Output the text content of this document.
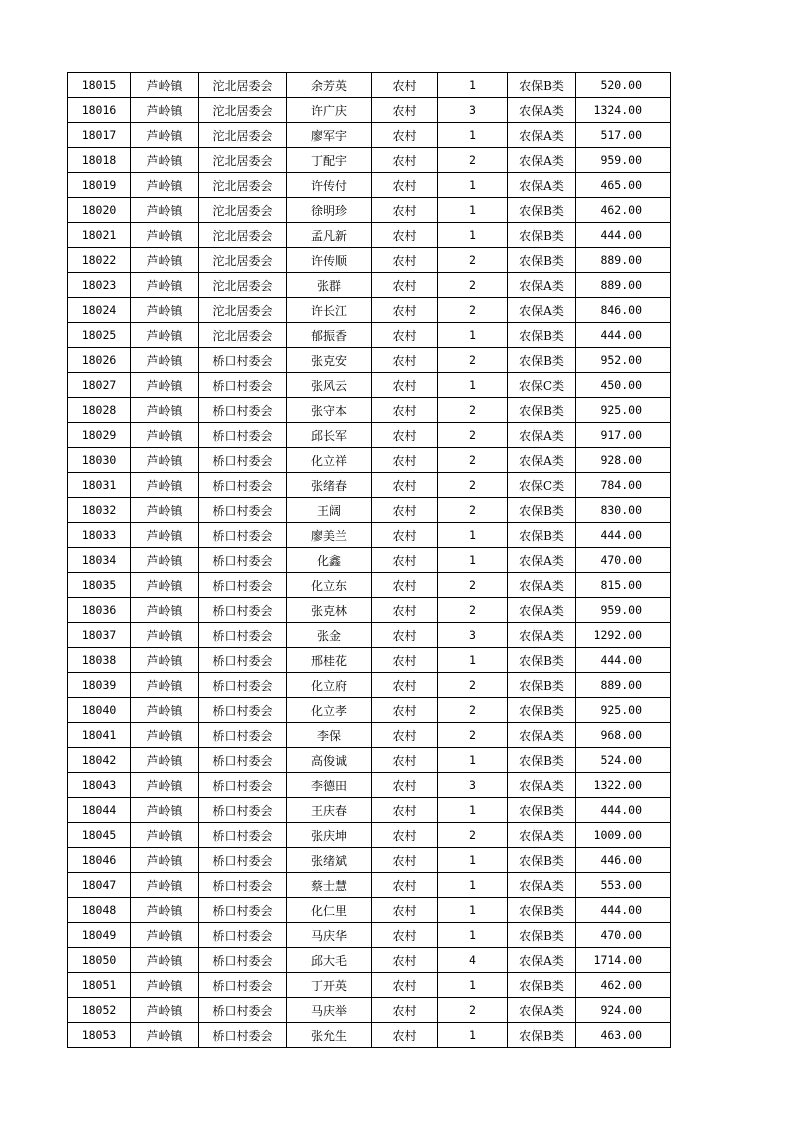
18015	芦岭镇	沱北居委会	余芳英	农村	1	农保B类	520.00
18016	芦岭镇	沱北居委会	许广庆	农村	3	农保A类	1324.00
18017	芦岭镇	沱北居委会	廖军宇	农村	1	农保A类	517.00
18018	芦岭镇	沱北居委会	丁配宇	农村	2	农保A类	959.00
18019	芦岭镇	沱北居委会	许传付	农村	1	农保A类	465.00
18020	芦岭镇	沱北居委会	徐明珍	农村	1	农保B类	462.00
18021	芦岭镇	沱北居委会	孟凡新	农村	1	农保B类	444.00
18022	芦岭镇	沱北居委会	许传顺	农村	2	农保B类	889.00
18023	芦岭镇	沱北居委会	张群	农村	2	农保A类	889.00
18024	芦岭镇	沱北居委会	许长江	农村	2	农保A类	846.00
18025	芦岭镇	沱北居委会	郁振香	农村	1	农保B类	444.00
18026	芦岭镇	桥口村委会	张克安	农村	2	农保B类	952.00
18027	芦岭镇	桥口村委会	张风云	农村	1	农保C类	450.00
18028	芦岭镇	桥口村委会	张守本	农村	2	农保B类	925.00
18029	芦岭镇	桥口村委会	邱长军	农村	2	农保A类	917.00
18030	芦岭镇	桥口村委会	化立祥	农村	2	农保A类	928.00
18031	芦岭镇	桥口村委会	张绪春	农村	2	农保C类	784.00
18032	芦岭镇	桥口村委会	王阔	农村	2	农保B类	830.00
18033	芦岭镇	桥口村委会	廖美兰	农村	1	农保B类	444.00
18034	芦岭镇	桥口村委会	化鑫	农村	1	农保A类	470.00
18035	芦岭镇	桥口村委会	化立东	农村	2	农保A类	815.00
18036	芦岭镇	桥口村委会	张克林	农村	2	农保A类	959.00
18037	芦岭镇	桥口村委会	张金	农村	3	农保A类	1292.00
18038	芦岭镇	桥口村委会	邢桂花	农村	1	农保B类	444.00
18039	芦岭镇	桥口村委会	化立府	农村	2	农保B类	889.00
18040	芦岭镇	桥口村委会	化立孝	农村	2	农保B类	925.00
18041	芦岭镇	桥口村委会	李保	农村	2	农保A类	968.00
18042	芦岭镇	桥口村委会	高俊诚	农村	1	农保B类	524.00
18043	芦岭镇	桥口村委会	李德田	农村	3	农保A类	1322.00
18044	芦岭镇	桥口村委会	王庆春	农村	1	农保B类	444.00
18045	芦岭镇	桥口村委会	张庆坤	农村	2	农保A类	1009.00
18046	芦岭镇	桥口村委会	张绪斌	农村	1	农保B类	446.00
18047	芦岭镇	桥口村委会	蔡士慧	农村	1	农保A类	553.00
18048	芦岭镇	桥口村委会	化仁里	农村	1	农保B类	444.00
18049	芦岭镇	桥口村委会	马庆华	农村	1	农保B类	470.00
18050	芦岭镇	桥口村委会	邱大毛	农村	4	农保A类	1714.00
18051	芦岭镇	桥口村委会	丁开英	农村	1	农保B类	462.00
18052	芦岭镇	桥口村委会	马庆举	农村	2	农保A类	924.00
18053	芦岭镇	桥口村委会	张允生	农村	1	农保B类	463.00
